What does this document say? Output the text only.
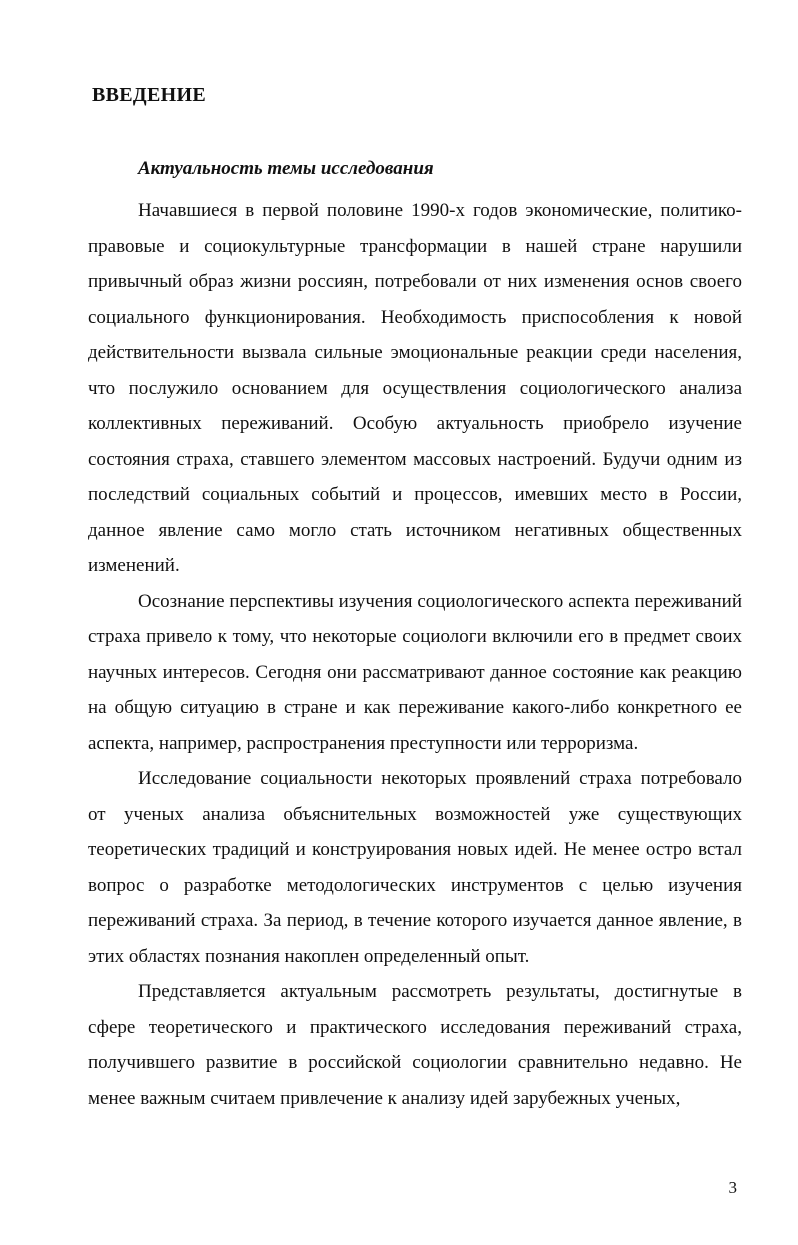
ВВЕДЕНИЕ
Актуальность темы исследования

Начавшиеся в первой половине 1990-х годов экономические, политико-правовые и социокультурные трансформации в нашей стране нарушили привычный образ жизни россиян, потребовали от них изменения основ своего социального функционирования. Необходимость приспособления к новой действительности вызвала сильные эмоциональные реакции среди населения, что послужило основанием для осуществления социологического анализа коллективных переживаний. Особую актуальность приобрело изучение состояния страха, ставшего элементом массовых настроений. Будучи одним из последствий социальных событий и процессов, имевших место в России, данное явление само могло стать источником негативных общественных изменений.

Осознание перспективы изучения социологического аспекта переживаний страха привело к тому, что некоторые социологи включили его в предмет своих научных интересов. Сегодня они рассматривают данное состояние как реакцию на общую ситуацию в стране и как переживание какого-либо конкретного ее аспекта, например, распространения преступности или терроризма.

Исследование социальности некоторых проявлений страха потребовало от ученых анализа объяснительных возможностей уже существующих теоретических традиций и конструирования новых идей. Не менее остро встал вопрос о разработке методологических инструментов с целью изучения переживаний страха. За период, в течение которого изучается данное явление, в этих областях познания накоплен определенный опыт.

Представляется актуальным рассмотреть результаты, достигнутые в сфере теоретического и практического исследования переживаний страха, получившего развитие в российской социологии сравнительно недавно. Не менее важным считаем привлечение к анализу идей зарубежных ученых,

3
